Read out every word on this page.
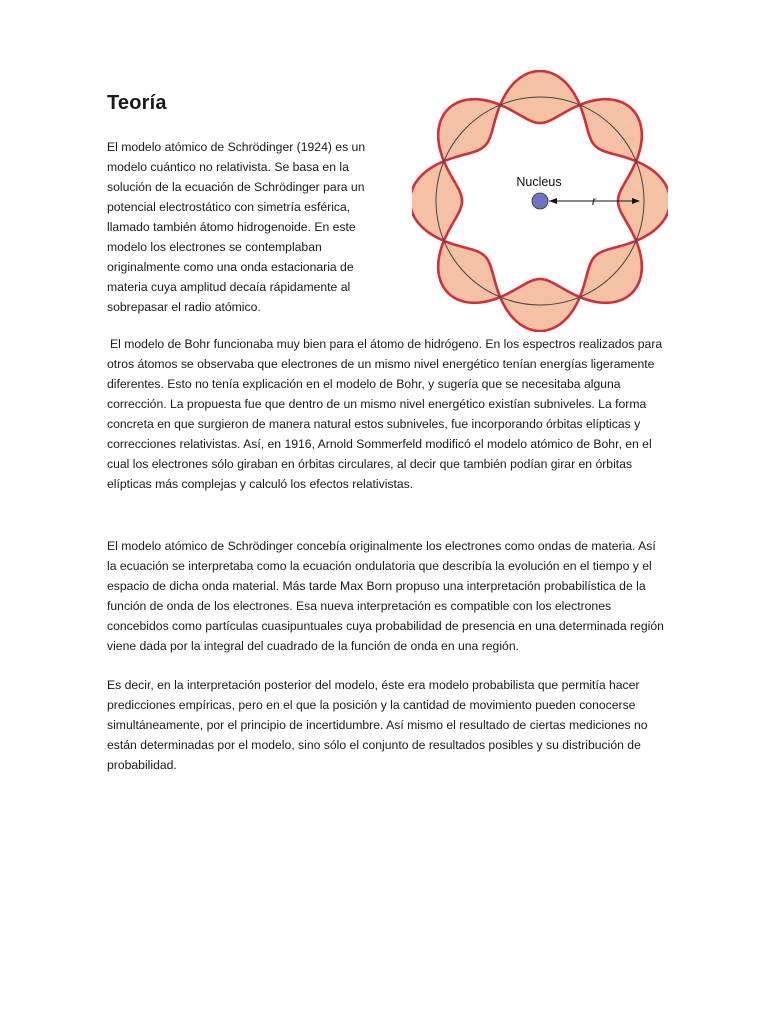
Teoría

El modelo atómico de Schrödinger (1924) es un modelo cuántico no relativista. Se basa en la solución de la ecuación de Schrödinger para un potencial electrostático con simetría esférica, llamado también átomo hidrogenoide. En este modelo los electrones se contemplaban originalmente como una onda estacionaria de materia cuya amplitud decaía rápidamente al sobrepasar el radio atómico.

Nucleus
r

El modelo de Bohr funcionaba muy bien para el átomo de hidrógeno. En los espectros realizados para otros átomos se observaba que electrones de un mismo nivel energético tenían energías ligeramente diferentes. Esto no tenía explicación en el modelo de Bohr, y sugería que se necesitaba alguna corrección. La propuesta fue que dentro de un mismo nivel energético existían subniveles. La forma concreta en que surgieron de manera natural estos subniveles, fue incorporando órbitas elípticas y correcciones relativistas. Así, en 1916, Arnold Sommerfeld modificó el modelo atómico de Bohr, en el cual los electrones sólo giraban en órbitas circulares, al decir que también podían girar en órbitas elípticas más complejas y calculó los efectos relativistas.

El modelo atómico de Schrödinger concebía originalmente los electrones como ondas de materia. Así la ecuación se interpretaba como la ecuación ondulatoria que describía la evolución en el tiempo y el espacio de dicha onda material. Más tarde Max Born propuso una interpretación probabilística de la función de onda de los electrones. Esa nueva interpretación es compatible con los electrones concebidos como partículas cuasipuntuales cuya probabilidad de presencia en una determinada región viene dada por la integral del cuadrado de la función de onda en una región.

Es decir, en la interpretación posterior del modelo, éste era modelo probabilista que permitía hacer predicciones empíricas, pero en el que la posición y la cantidad de movimiento pueden conocerse simultáneamente, por el principio de incertidumbre. Así mismo el resultado de ciertas mediciones no están determinadas por el modelo, sino sólo el conjunto de resultados posibles y su distribución de probabilidad.
